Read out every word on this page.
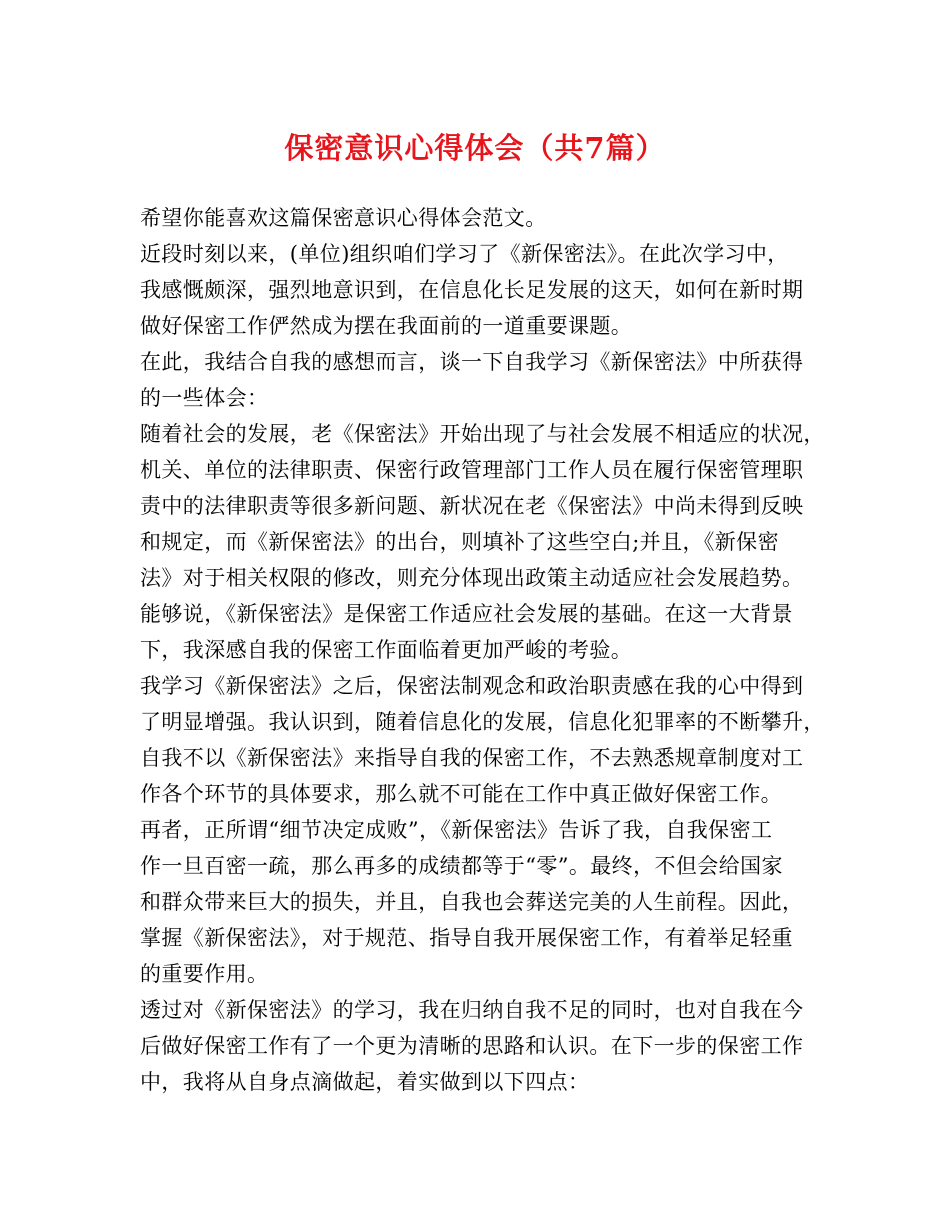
保密意识心得体会（共7篇）
希望你能喜欢这篇保密意识心得体会范文。
近段时刻以来，(单位)组织咱们学习了《新保密法》。在此次学习中，
我感慨颇深，强烈地意识到，在信息化长足发展的这天，如何在新时期
做好保密工作俨然成为摆在我面前的一道重要课题。
在此，我结合自我的感想而言，谈一下自我学习《新保密法》中所获得
的一些体会：
随着社会的发展，老《保密法》开始出现了与社会发展不相适应的状况，
机关、单位的法律职责、保密行政管理部门工作人员在履行保密管理职
责中的法律职责等很多新问题、新状况在老《保密法》中尚未得到反映
和规定，而《新保密法》的出台，则填补了这些空白;并且，《新保密
法》对于相关权限的修改，则充分体现出政策主动适应社会发展趋势。
能够说，《新保密法》是保密工作适应社会发展的基础。在这一大背景
下，我深感自我的保密工作面临着更加严峻的考验。
我学习《新保密法》之后，保密法制观念和政治职责感在我的心中得到
了明显增强。我认识到，随着信息化的发展，信息化犯罪率的不断攀升，
自我不以《新保密法》来指导自我的保密工作，不去熟悉规章制度对工
作各个环节的具体要求，那么就不可能在工作中真正做好保密工作。
再者，正所谓“细节决定成败”，《新保密法》告诉了我，自我保密工
作一旦百密一疏，那么再多的成绩都等于“零”。最终，不但会给国家
和群众带来巨大的损失，并且，自我也会葬送完美的人生前程。因此，
掌握《新保密法》，对于规范、指导自我开展保密工作，有着举足轻重
的重要作用。
透过对《新保密法》的学习，我在归纳自我不足的同时，也对自我在今
后做好保密工作有了一个更为清晰的思路和认识。在下一步的保密工作
中，我将从自身点滴做起，着实做到以下四点：
